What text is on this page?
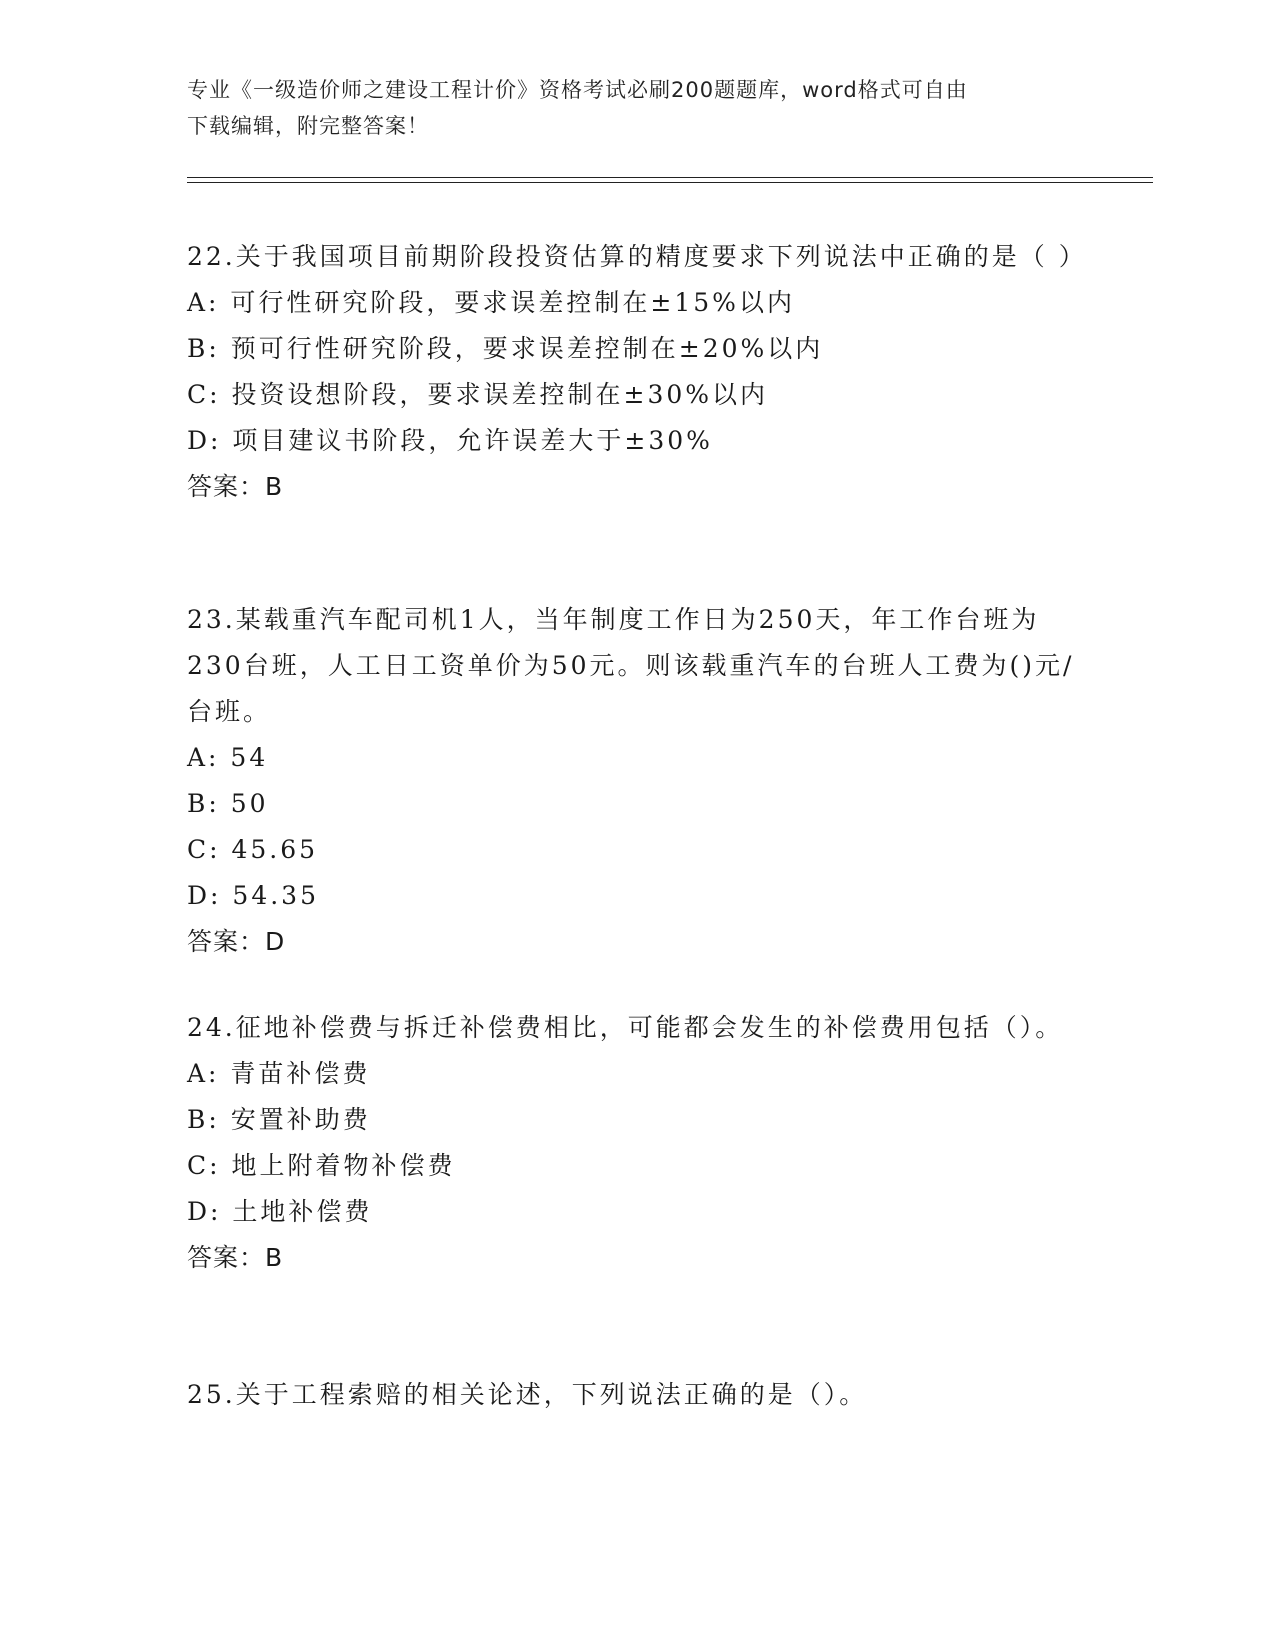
专业《一级造价师之建设工程计价》资格考试必刷200题题库，word格式可自由

下载编辑，附完整答案！

22.关于我国项目前期阶段投资估算的精度要求下列说法中正确的是（ ）

A: 可行性研究阶段，要求误差控制在±15%以内

B: 预可行性研究阶段，要求误差控制在±20%以内

C: 投资设想阶段，要求误差控制在±30%以内

D: 项目建议书阶段，允许误差大于±30%

答案：B

23.某载重汽车配司机1人，当年制度工作日为250天，年工作台班为230台班，人工日工资单价为50元。则该载重汽车的台班人工费为()元/台班。

A: 54

B: 50

C: 45.65

D: 54.35

答案：D

24.征地补偿费与拆迁补偿费相比，可能都会发生的补偿费用包括（）。

A: 青苗补偿费

B: 安置补助费

C: 地上附着物补偿费

D: 土地补偿费

答案：B

25.关于工程索赔的相关论述，下列说法正确的是（）。
